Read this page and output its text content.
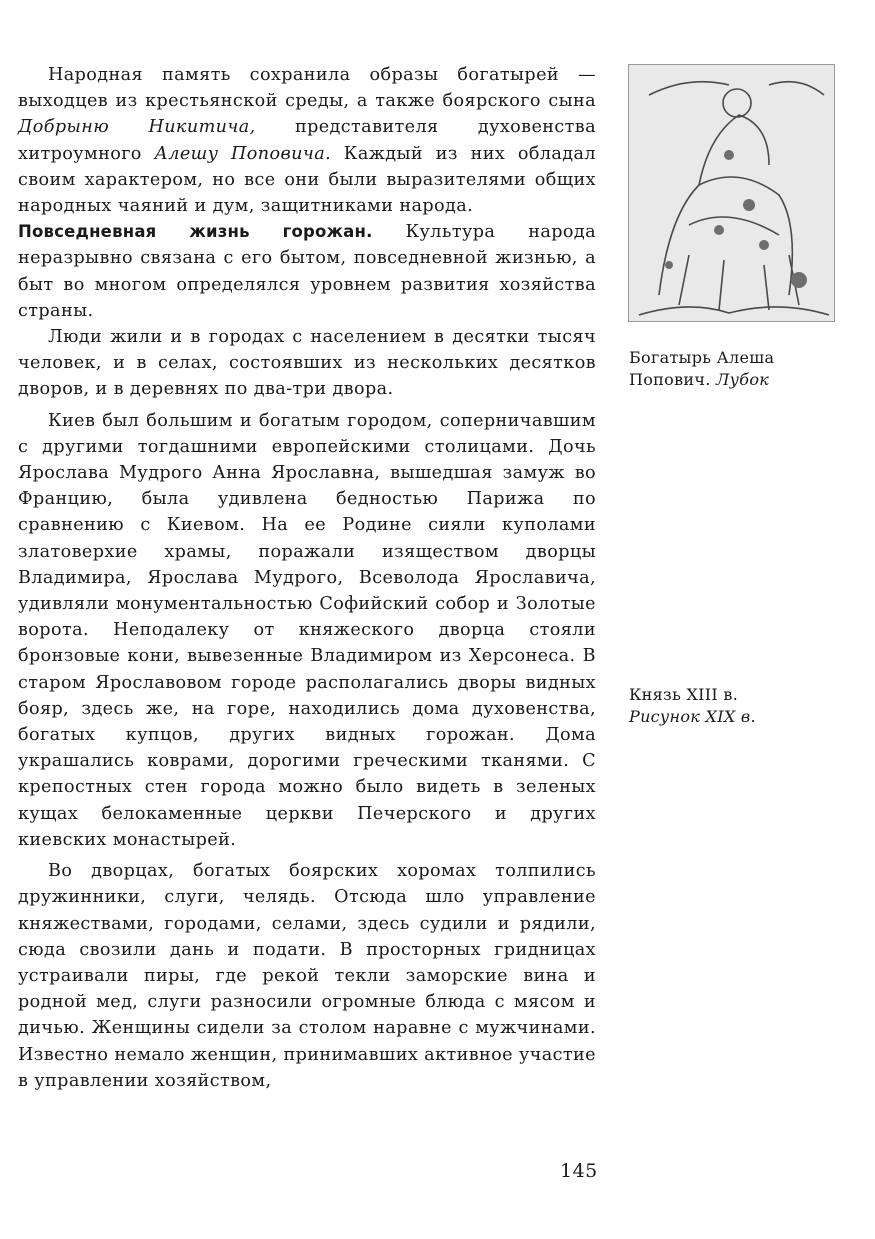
Народная память сохранила образы богатырей — выходцев из крестьянской среды, а также боярского сына Добрыню Никитича, представителя духовенства хитроумного Алешу Поповича. Каждый из них обладал своим характером, но все они были выразителями общих народных чаяний и дум, защитниками народа.

Повседневная жизнь горожан. Культура народа неразрывно связана с его бытом, повседневной жизнью, а быт во многом определялся уровнем развития хозяйства страны.

Люди жили и в городах с населением в десятки тысяч человек, и в селах, состоявших из нескольких десятков дворов, и в деревнях по два-три двора.

Киев был большим и богатым городом, соперничавшим с другими тогдашними европейскими столицами. Дочь Ярослава Мудрого Анна Ярославна, вышедшая замуж во Францию, была удивлена бедностью Парижа по сравнению с Киевом. На ее Родине сияли куполами златоверхие храмы, поражали изяществом дворцы Владимира, Ярослава Мудрого, Всеволода Ярославича, удивляли монументальностью Софийский собор и Золотые ворота. Неподалеку от княжеского дворца стояли бронзовые кони, вывезенные Владимиром из Херсонеса. В старом Ярославовом городе располагались дворы видных бояр, здесь же, на горе, находились дома духовенства, богатых купцов, других видных горожан. Дома украшались коврами, дорогими греческими тканями. С крепостных стен города можно было видеть в зеленых кущах белокаменные церкви Печерского и других киевских монастырей.

Во дворцах, богатых боярских хоромах толпились дружинники, слуги, челядь. Отсюда шло управление княжествами, городами, селами, здесь судили и рядили, сюда свозили дань и подати. В просторных гридницах устраивали пиры, где рекой текли заморские вина и родной мед, слуги разносили огромные блюда с мясом и дичью. Женщины сидели за столом наравне с мужчинами. Известно немало женщин, принимавших активное участие в управлении хозяйством,

Богатырь Алеша
Попович. Лубок
Князь XIII в.
Рисунок XIX в.
145
